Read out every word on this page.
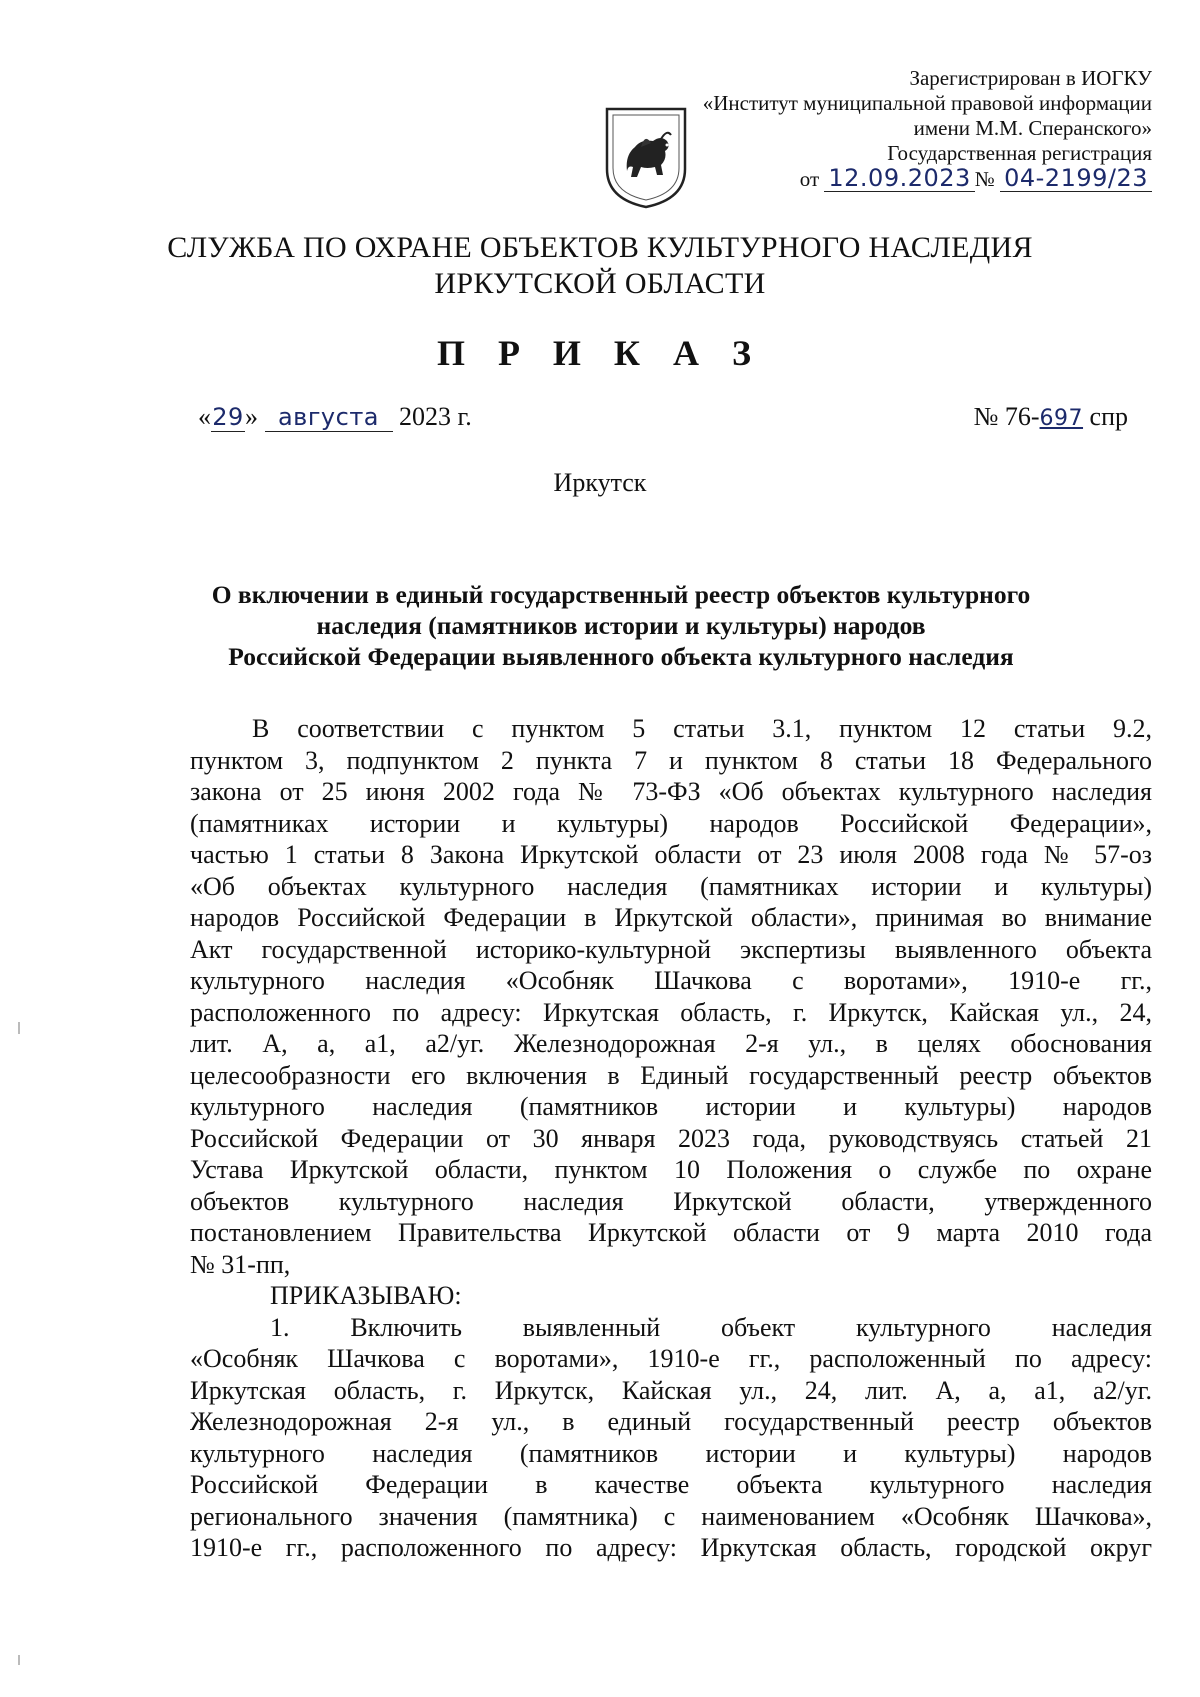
Зарегистрирован в ИОГКУ
«Институт муниципальной правовой информации
имени М.М. Сперанского»
Государственная регистрация
от 12.09.2023 № 04-2199/23
СЛУЖБА ПО ОХРАНЕ ОБЪЕКТОВ КУЛЬТУРНОГО НАСЛЕДИЯ
ИРКУТСКОЙ ОБЛАСТИ
П Р И К А З
«29» августа 2023 г.	№ 76-697 спр
Иркутск
О включении в единый государственный реестр объектов культурного
наследия (памятников истории и культуры) народов
Российской Федерации выявленного объекта культурного наследия
В соответствии с пунктом 5 статьи 3.1, пунктом 12 статьи 9.2,
пунктом 3, подпунктом 2 пункта 7 и пунктом 8 статьи 18 Федерального
закона от 25 июня 2002 года № 73-ФЗ «Об объектах культурного наследия
(памятниках истории и культуры) народов Российской Федерации»,
частью 1 статьи 8 Закона Иркутской области от 23 июля 2008 года № 57-оз
«Об объектах культурного наследия (памятниках истории и культуры)
народов Российской Федерации в Иркутской области», принимая во внимание
Акт государственной историко-культурной экспертизы выявленного объекта
культурного наследия «Особняк Шачкова с воротами», 1910-е гг.,
расположенного по адресу: Иркутская область, г. Иркутск, Кайская ул., 24,
лит. А, а, а1, а2/уг. Железнодорожная 2-я ул., в целях обоснования
целесообразности его включения в Единый государственный реестр объектов
культурного наследия (памятников истории и культуры) народов
Российской Федерации от 30 января 2023 года, руководствуясь статьей 21
Устава Иркутской области, пунктом 10 Положения о службе по охране
объектов культурного наследия Иркутской области, утвержденного
постановлением Правительства Иркутской области от 9 марта 2010 года
№ 31-пп,
ПРИКАЗЫВАЮ:
1. Включить выявленный объект культурного наследия
«Особняк Шачкова с воротами», 1910-е гг., расположенный по адресу:
Иркутская область, г. Иркутск, Кайская ул., 24, лит. А, а, а1, а2/уг.
Железнодорожная 2-я ул., в единый государственный реестр объектов
культурного наследия (памятников истории и культуры) народов
Российской Федерации в качестве объекта культурного наследия
регионального значения (памятника) с наименованием «Особняк Шачкова»,
1910-е гг., расположенного по адресу: Иркутская область, городской округ
